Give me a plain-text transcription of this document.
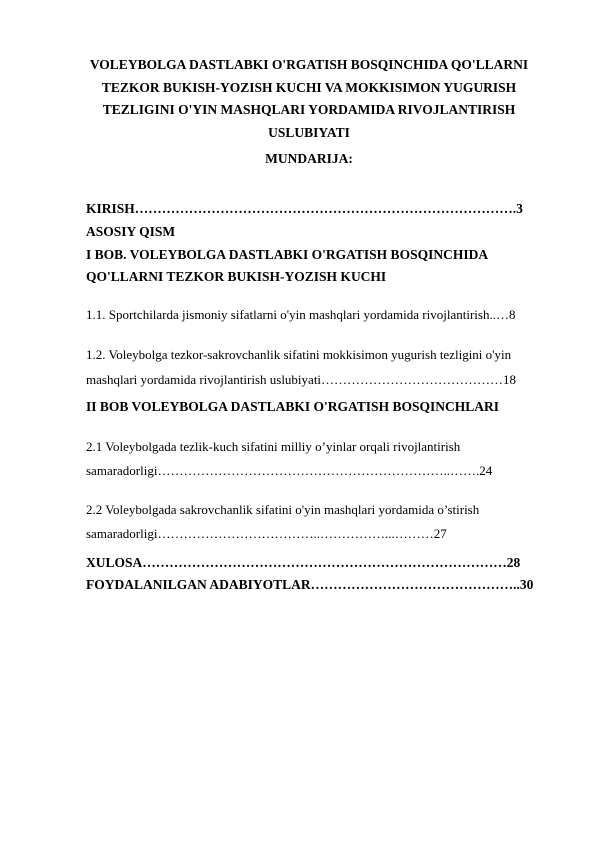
VOLEYBOLGA DASTLABKI O'RGATISH BOSQINCHIDA QO'LLARNI
TEZKOR BUKISH-YOZISH KUCHI VA MOKKISIMON YUGURISH
TEZLIGINI O'YIN MASHQLARI YORDAMIDA RIVOJLANTIRISH
USLUBIYATI
MUNDARIJA:

KIRISH………………………………………………………………………….3

ASOSIY QISM

I BOB. VOLEYBOLGA DASTLABKI O'RGATISH BOSQINCHIDA

QO'LLARNI TEZKOR BUKISH-YOZISH KUCHI

1.1. Sportchilarda jismoniy sifatlarni o'yin mashqlari yordamida rivojlantirish..…8

1.2. Voleybolga tezkor-sakrovchanlik sifatini mokkisimon yugurish tezligini o'yin

mashqlari yordamida rivojlantirish uslubiyati……………………………………18

II BOB VOLEYBOLGA DASTLABKI O'RGATISH BOSQINCHLARI

2.1 Voleybolgada tezlik-kuch sifatini milliy o’yinlar orqali rivojlantirish

samaradorligi…………………………………………………………..…….24

2.2 Voleybolgada sakrovchanlik sifatini o'yin mashqlari yordamida o’stirish

samaradorligi………………………………..……………...………27

XULOSA………………………………………………………………………28

FOYDALANILGAN ADABIYOTLAR………………………………………..30
